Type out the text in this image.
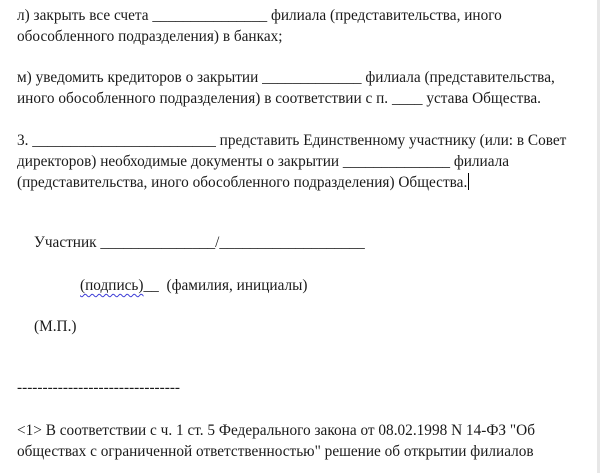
л) закрыть все счета _______________ филиала (представительства, иного
обособленного подразделения) в банках;
м) уведомить кредиторов о закрытии _____________ филиала (представительства,
иного обособленного подразделения) в соответствии с п. ____ устава Общества.
3. ________________________ представить Единственному участнику (или: в Совет
директоров) необходимые документы о закрытии ______________ филиала
(представительства, иного обособленного подразделения) Общества.
Участник _______________/___________________
(подпись)__ (фамилия, инициалы)
(М.П.)
--------------------------------
<1> В соответствии с ч. 1 ст. 5 Федерального закона от 08.02.1998 N 14-ФЗ "Об
обществах с ограниченной ответственностью" решение об открытии филиалов
